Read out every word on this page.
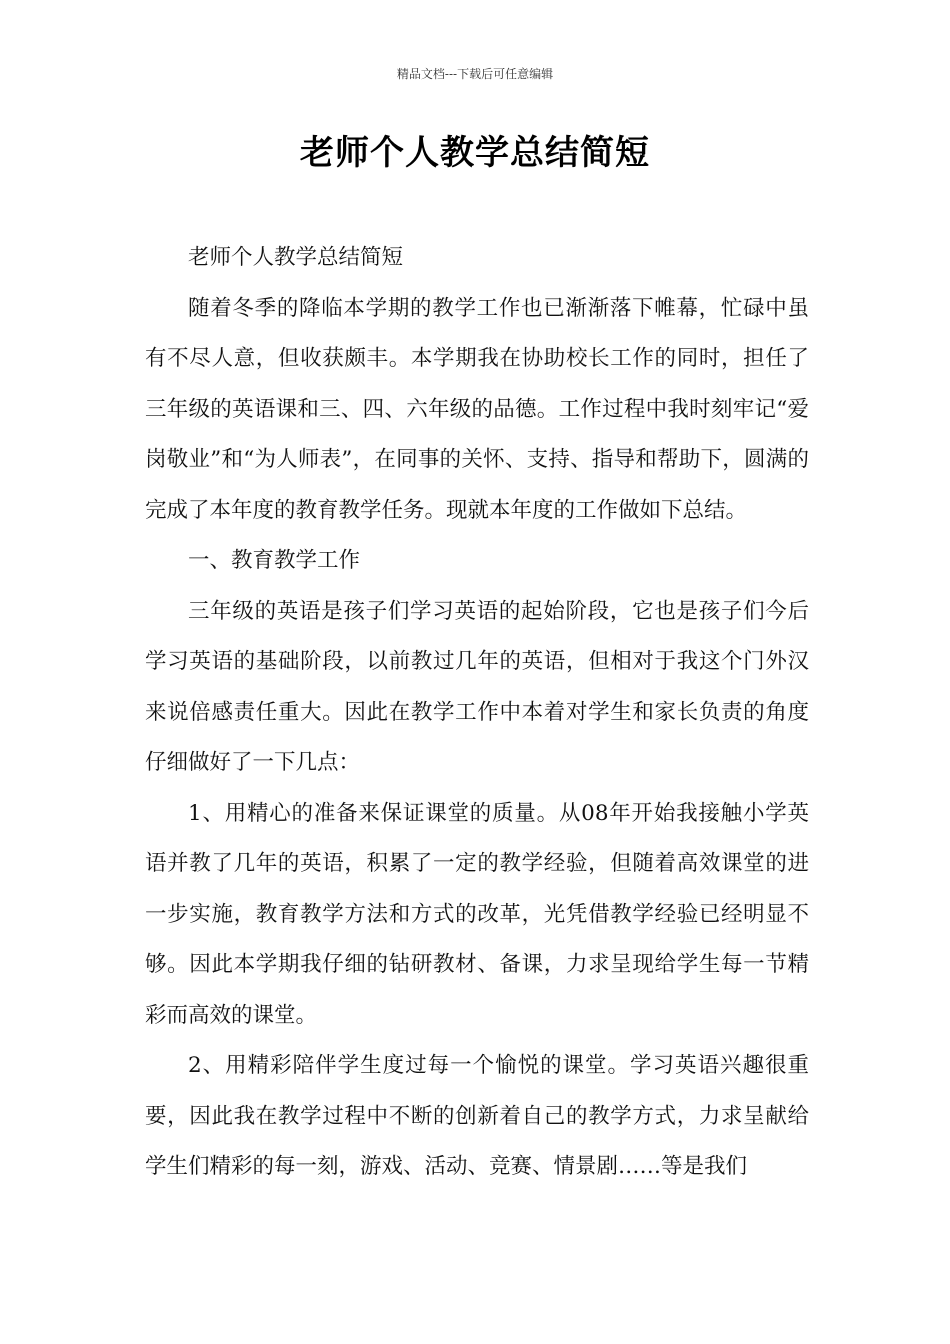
精品文档---下载后可任意编辑
老师个人教学总结简短

老师个人教学总结简短

随着冬季的降临本学期的教学工作也已渐渐落下帷幕，忙碌中虽有不尽人意，但收获颇丰。本学期我在协助校长工作的同时，担任了三年级的英语课和三、四、六年级的品德。工作过程中我时刻牢记“爱岗敬业”和“为人师表”，在同事的关怀、支持、指导和帮助下，圆满的完成了本年度的教育教学任务。现就本年度的工作做如下总结。

一、教育教学工作

三年级的英语是孩子们学习英语的起始阶段，它也是孩子们今后学习英语的基础阶段，以前教过几年的英语，但相对于我这个门外汉来说倍感责任重大。因此在教学工作中本着对学生和家长负责的角度仔细做好了一下几点：

1、用精心的准备来保证课堂的质量。从08年开始我接触小学英语并教了几年的英语，积累了一定的教学经验，但随着高效课堂的进一步实施，教育教学方法和方式的改革，光凭借教学经验已经明显不够。因此本学期我仔细的钻研教材、备课，力求呈现给学生每一节精彩而高效的课堂。

2、用精彩陪伴学生度过每一个愉悦的课堂。学习英语兴趣很重要，因此我在教学过程中不断的创新着自己的教学方式，力求呈献给学生们精彩的每一刻，游戏、活动、竞赛、情景剧……等是我们
